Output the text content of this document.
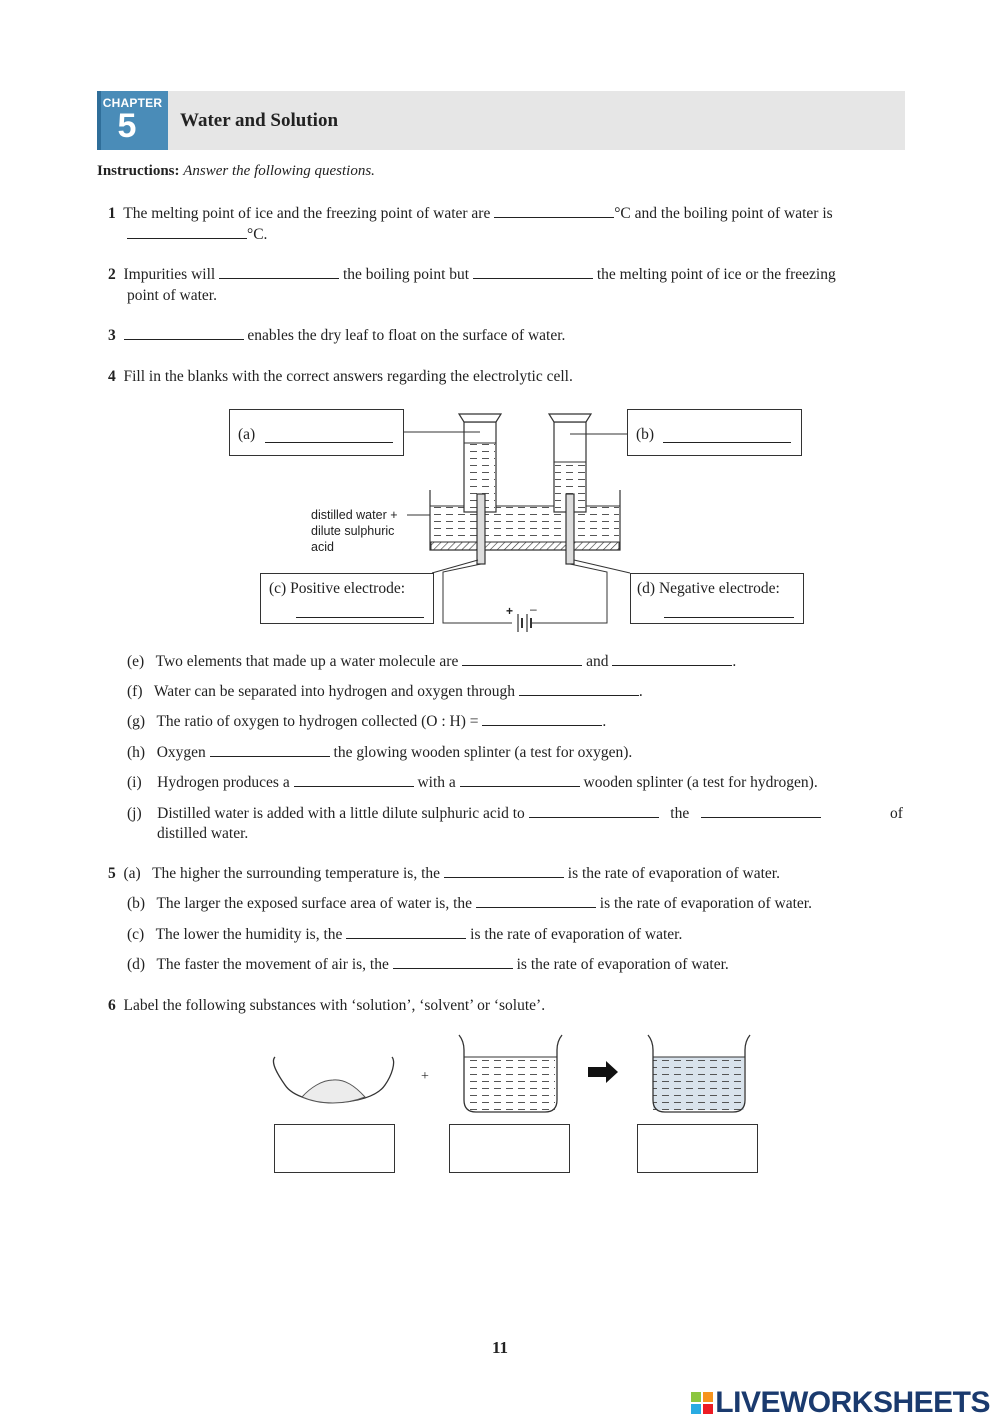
CHAPTER
5	Water and Solution
Instructions: Answer the following questions.
1 The melting point of ice and the freezing point of water are	°C and the boiling point of water is
°C.
2 Impurities will	the boiling point but	the melting point of ice or the freezing
point of water.
3	enables the dry leaf to float on the surface of water.
4 Fill in the blanks with the correct answers regarding the electrolytic cell.
(a)	(b)
(c) Positive electrode:	(d) Negative electrode:
distilled water +
dilute sulphuric
acid
+ –
(e) Two elements that made up a water molecule are	and	.
(f) Water can be separated into hydrogen and oxygen through	.
(g) The ratio of oxygen to hydrogen collected (O : H) =	.
(h) Oxygen	the glowing wooden splinter (a test for oxygen).
(i) Hydrogen produces a	with a	wooden splinter (a test for hydrogen).
(j) Distilled water is added with a little dilute sulphuric acid to	the	of
distilled water.
5 (a) The higher the surrounding temperature is, the	is the rate of evaporation of water.
(b) The larger the exposed surface area of water is, the	is the rate of evaporation of water.
(c) The lower the humidity is, the	is the rate of evaporation of water.
(d) The faster the movement of air is, the	is the rate of evaporation of water.
6 Label the following substances with ‘solution’, ‘solvent’ or ‘solute’.
+
11
LIVEWORKSHEETS
